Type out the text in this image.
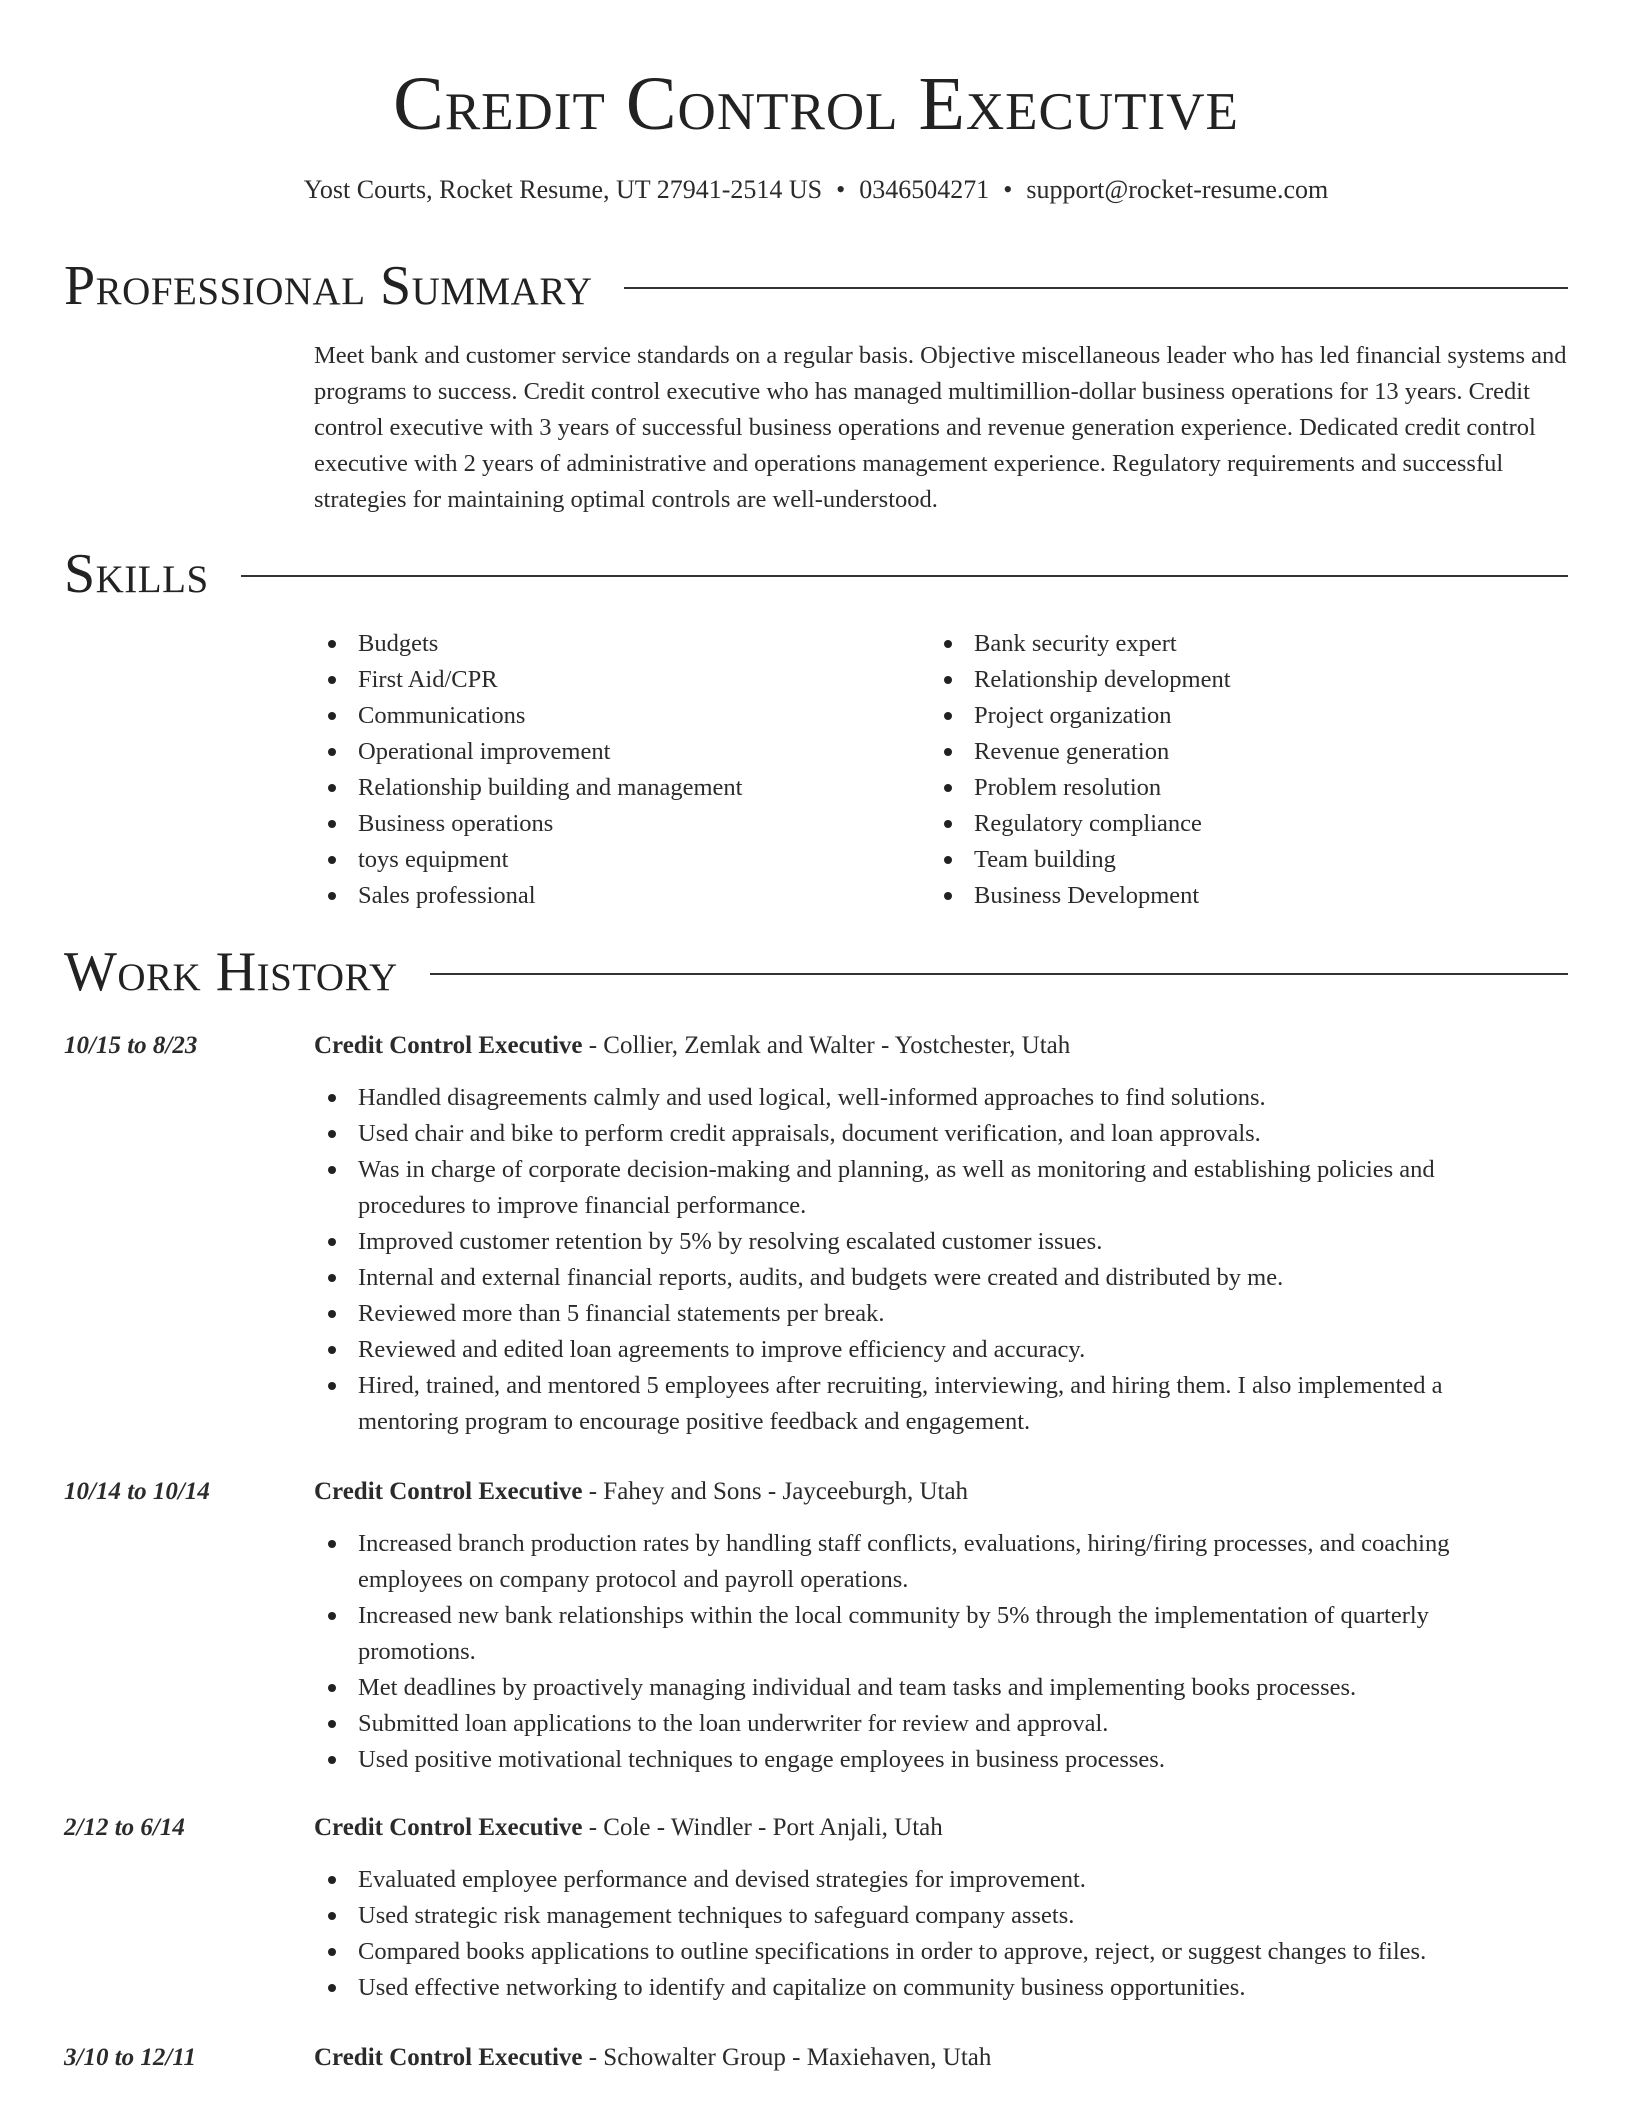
Credit Control Executive
Yost Courts, Rocket Resume, UT 27941-2514 US • 0346504271 • support@rocket-resume.com
Professional Summary

Meet bank and customer service standards on a regular basis. Objective miscellaneous leader who has led financial systems and programs to success. Credit control executive who has managed multimillion-dollar business operations for 13 years. Credit control executive with 3 years of successful business operations and revenue generation experience. Dedicated credit control executive with 2 years of administrative and operations management experience. Regulatory requirements and successful strategies for maintaining optimal controls are well-understood.

Skills
Budgets
First Aid/CPR
Communications
Operational improvement
Relationship building and management
Business operations
toys equipment
Sales professional
Bank security expert
Relationship development
Project organization
Revenue generation
Problem resolution
Regulatory compliance
Team building
Business Development
Work History
10/15 to 8/23	Credit Control Executive - Collier, Zemlak and Walter - Yostchester, Utah
Handled disagreements calmly and used logical, well-informed approaches to find solutions.
Used chair and bike to perform credit appraisals, document verification, and loan approvals.
Was in charge of corporate decision-making and planning, as well as monitoring and establishing policies and procedures to improve financial performance.
Improved customer retention by 5% by resolving escalated customer issues.
Internal and external financial reports, audits, and budgets were created and distributed by me.
Reviewed more than 5 financial statements per break.
Reviewed and edited loan agreements to improve efficiency and accuracy.
Hired, trained, and mentored 5 employees after recruiting, interviewing, and hiring them. I also implemented a mentoring program to encourage positive feedback and engagement.
10/14 to 10/14	Credit Control Executive - Fahey and Sons - Jayceeburgh, Utah
Increased branch production rates by handling staff conflicts, evaluations, hiring/firing processes, and coaching employees on company protocol and payroll operations.
Increased new bank relationships within the local community by 5% through the implementation of quarterly promotions.
Met deadlines by proactively managing individual and team tasks and implementing books processes.
Submitted loan applications to the loan underwriter for review and approval.
Used positive motivational techniques to engage employees in business processes.
2/12 to 6/14	Credit Control Executive - Cole - Windler - Port Anjali, Utah
Evaluated employee performance and devised strategies for improvement.
Used strategic risk management techniques to safeguard company assets.
Compared books applications to outline specifications in order to approve, reject, or suggest changes to files.
Used effective networking to identify and capitalize on community business opportunities.
3/10 to 12/11	Credit Control Executive - Schowalter Group - Maxiehaven, Utah
